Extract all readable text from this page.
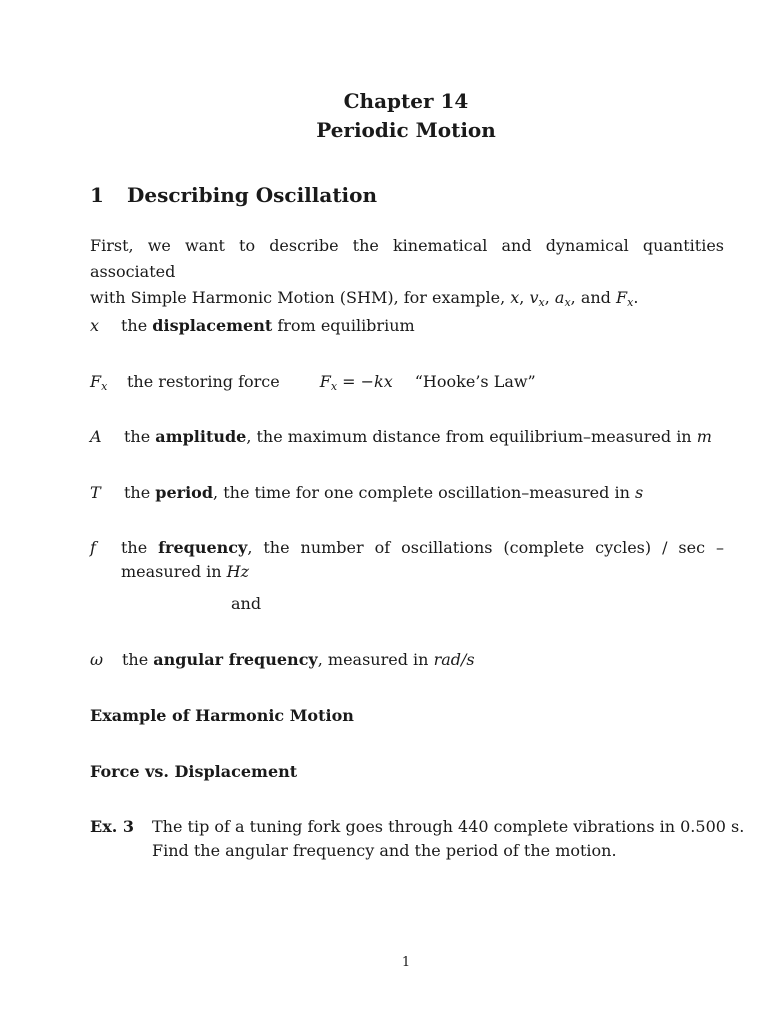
Chapter 14
Periodic Motion
1 Describing Oscillation
First, we want to describe the kinematical and dynamical quantities associated
with Simple Harmonic Motion (SHM), for example, x, $v_x$, $a_x$, and $F_x$.
x the displacement from equilibrium
$F_x$ the restoring force	$F_x = -kx$ “Hooke’s Law”
A the amplitude, the maximum distance from equilibrium–measured in m
T the period, the time for one complete oscillation–measured in s
f the frequency, the number of oscillations (complete cycles) / sec –
measured in Hz
and
ω the angular frequency, measured in rad/s
Example of Harmonic Motion
Force vs. Displacement
Ex. 3 The tip of a tuning fork goes through 440 complete vibrations in 0.500 s.
Find the angular frequency and the period of the motion.
1
